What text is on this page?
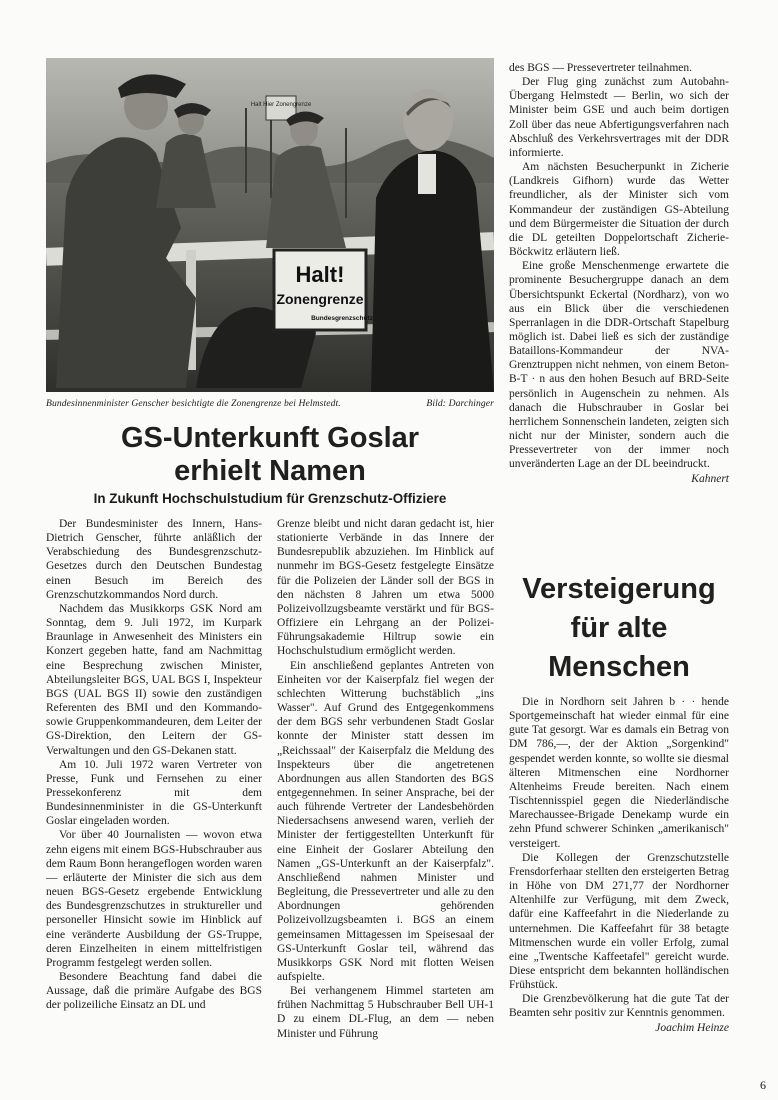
Halt Hier Zonengrenze
Halt!
Zonengrenze
Bundesgrenzschutz
Bundesinnenminister Genscher besichtigte die Zonengrenze bei Helmstedt.	Bild: Darchinger
GS-Unterkunft Goslar
erhielt Namen
In Zukunft Hochschulstudium für Grenzschutz-Offiziere

Der Bundesminister des Innern, Hans-Dietrich Genscher, führte anläßlich der Verabschiedung des Bundesgrenzschutz-Gesetzes durch den Deutschen Bundestag einen Besuch im Bereich des Grenzschutzkommandos Nord durch.

Nachdem das Musikkorps GSK Nord am Sonntag, dem 9. Juli 1972, im Kurpark Braunlage in Anwesenheit des Ministers ein Konzert gegeben hatte, fand am Nachmittag eine Besprechung zwischen Minister, Abteilungsleiter BGS, UAL BGS I, Inspekteur BGS (UAL BGS II) sowie den zuständigen Referenten des BMI und den Kommando- sowie Gruppenkommandeuren, dem Leiter der GS-Direktion, den Leitern der GS-Verwaltungen und den GS-Dekanen statt.

Am 10. Juli 1972 waren Vertreter von Presse, Funk und Fernsehen zu einer Pressekonferenz mit dem Bundesinnenminister in die GS-Unterkunft Goslar eingeladen worden.

Vor über 40 Journalisten — wovon etwa zehn eigens mit einem BGS-Hubschrauber aus dem Raum Bonn herangeflogen worden waren — erläuterte der Minister die sich aus dem neuen BGS-Gesetz ergebende Entwicklung des Bundesgrenzschutzes in struktureller und personeller Hinsicht sowie im Hinblick auf eine veränderte Ausbildung der GS-Truppe, deren Einzelheiten in einem mittelfristigen Programm festgelegt werden sollen.

Besondere Beachtung fand dabei die Aussage, daß die primäre Aufgabe des BGS der polizeiliche Einsatz an DL und

Grenze bleibt und nicht daran gedacht ist, hier stationierte Verbände in das Innere der Bundesrepublik abzuziehen. Im Hinblick auf nunmehr im BGS-Gesetz festgelegte Einsätze für die Polizeien der Länder soll der BGS in den nächsten 8 Jahren um etwa 5000 Polizeivollzugsbeamte verstärkt und für BGS-Offiziere ein Lehrgang an der Polizei-Führungsakademie Hiltrup sowie ein Hochschulstudium ermöglicht werden.

Ein anschließend geplantes Antreten von Einheiten vor der Kaiserpfalz fiel wegen der schlechten Witterung buchstäblich „ins Wasser". Auf Grund des Entgegenkommens der dem BGS sehr verbundenen Stadt Goslar konnte der Minister statt dessen im „Reichssaal" der Kaiserpfalz die Meldung des Inspekteurs über die angetretenen Abordnungen aus allen Standorten des BGS entgegennehmen. In seiner Ansprache, bei der auch führende Vertreter der Landesbehörden Niedersachsens anwesend waren, verlieh der Minister der fertiggestellten Unterkunft für eine Einheit der Goslarer Abteilung den Namen „GS-Unterkunft an der Kaiserpfalz". Anschließend nahmen Minister und Begleitung, die Pressevertreter und alle zu den Abordnungen gehörenden Polizeivollzugsbeamten i. BGS an einem gemeinsamen Mittagessen im Speisesaal der GS-Unterkunft Goslar teil, während das Musikkorps GSK Nord mit flotten Weisen aufspielte.

Bei verhangenem Himmel starteten am frühen Nachmittag 5 Hubschrauber Bell UH-1 D zu einem DL-Flug, an dem — neben Minister und Führung

des BGS — Pressevertreter teilnahmen.

Der Flug ging zunächst zum Autobahn-Übergang Helmstedt — Berlin, wo sich der Minister beim GSE und auch beim dortigen Zoll über das neue Abfertigungsverfahren nach Abschluß des Verkehrsvertrages mit der DDR informierte.

Am nächsten Besucherpunkt in Zicherie (Landkreis Gifhorn) wurde das Wetter freundlicher, als der Minister sich vom Kommandeur der zuständigen GS-Abteilung und dem Bürgermeister die Situation der durch die DL geteilten Doppelortschaft Zicherie-Böckwitz erläutern ließ.

Eine große Menschenmenge erwartete die prominente Besuchergruppe danach an dem Übersichtspunkt Eckertal (Nordharz), von wo aus ein Blick über die verschiedenen Sperranlagen in die DDR-Ortschaft Stapelburg möglich ist. Dabei ließ es sich der zuständige Bataillons-Kommandeur der NVA-Grenztruppen nicht nehmen, von einem Beton-B-T · n aus den hohen Besuch auf BRD-Seite persönlich in Augenschein zu nehmen. Als danach die Hubschrauber in Goslar bei herrlichem Sonnenschein landeten, zeigten sich nicht nur der Minister, sondern auch die Pressevertreter von der immer noch unveränderten Lage an der DL beeindruckt.
Kahnert

Versteigerung
für alte
Menschen

Die in Nordhorn seit Jahren b · · hende Sportgemeinschaft hat wieder einmal für eine gute Tat gesorgt. War es damals ein Betrag von DM 786,—, der der Aktion „Sorgenkind" gespendet werden konnte, so wollte sie diesmal älteren Mitmenschen eine Nordhorner Altenheims Freude bereiten. Nach einem Tischtennisspiel gegen die Niederländische Marechaussee-Brigade Denekamp wurde ein zehn Pfund schwerer Schinken „amerikanisch" versteigert.

Die Kollegen der Grenzschutzstelle Frensdorferhaar stellten den ersteigerten Betrag in Höhe von DM 271,77 der Nordhorner Altenhilfe zur Verfügung, mit dem Zweck, dafür eine Kaffeefahrt in die Niederlande zu unternehmen. Die Kaffeefahrt für 38 betagte Mitmenschen wurde ein voller Erfolg, zumal eine „Twentsche Kaffeetafel" gereicht wurde. Diese entspricht dem bekannten holländischen Frühstück.

Die Grenzbevölkerung hat die gute Tat der Beamten sehr positiv zur Kenntnis genommen.
Joachim Heinze

6
